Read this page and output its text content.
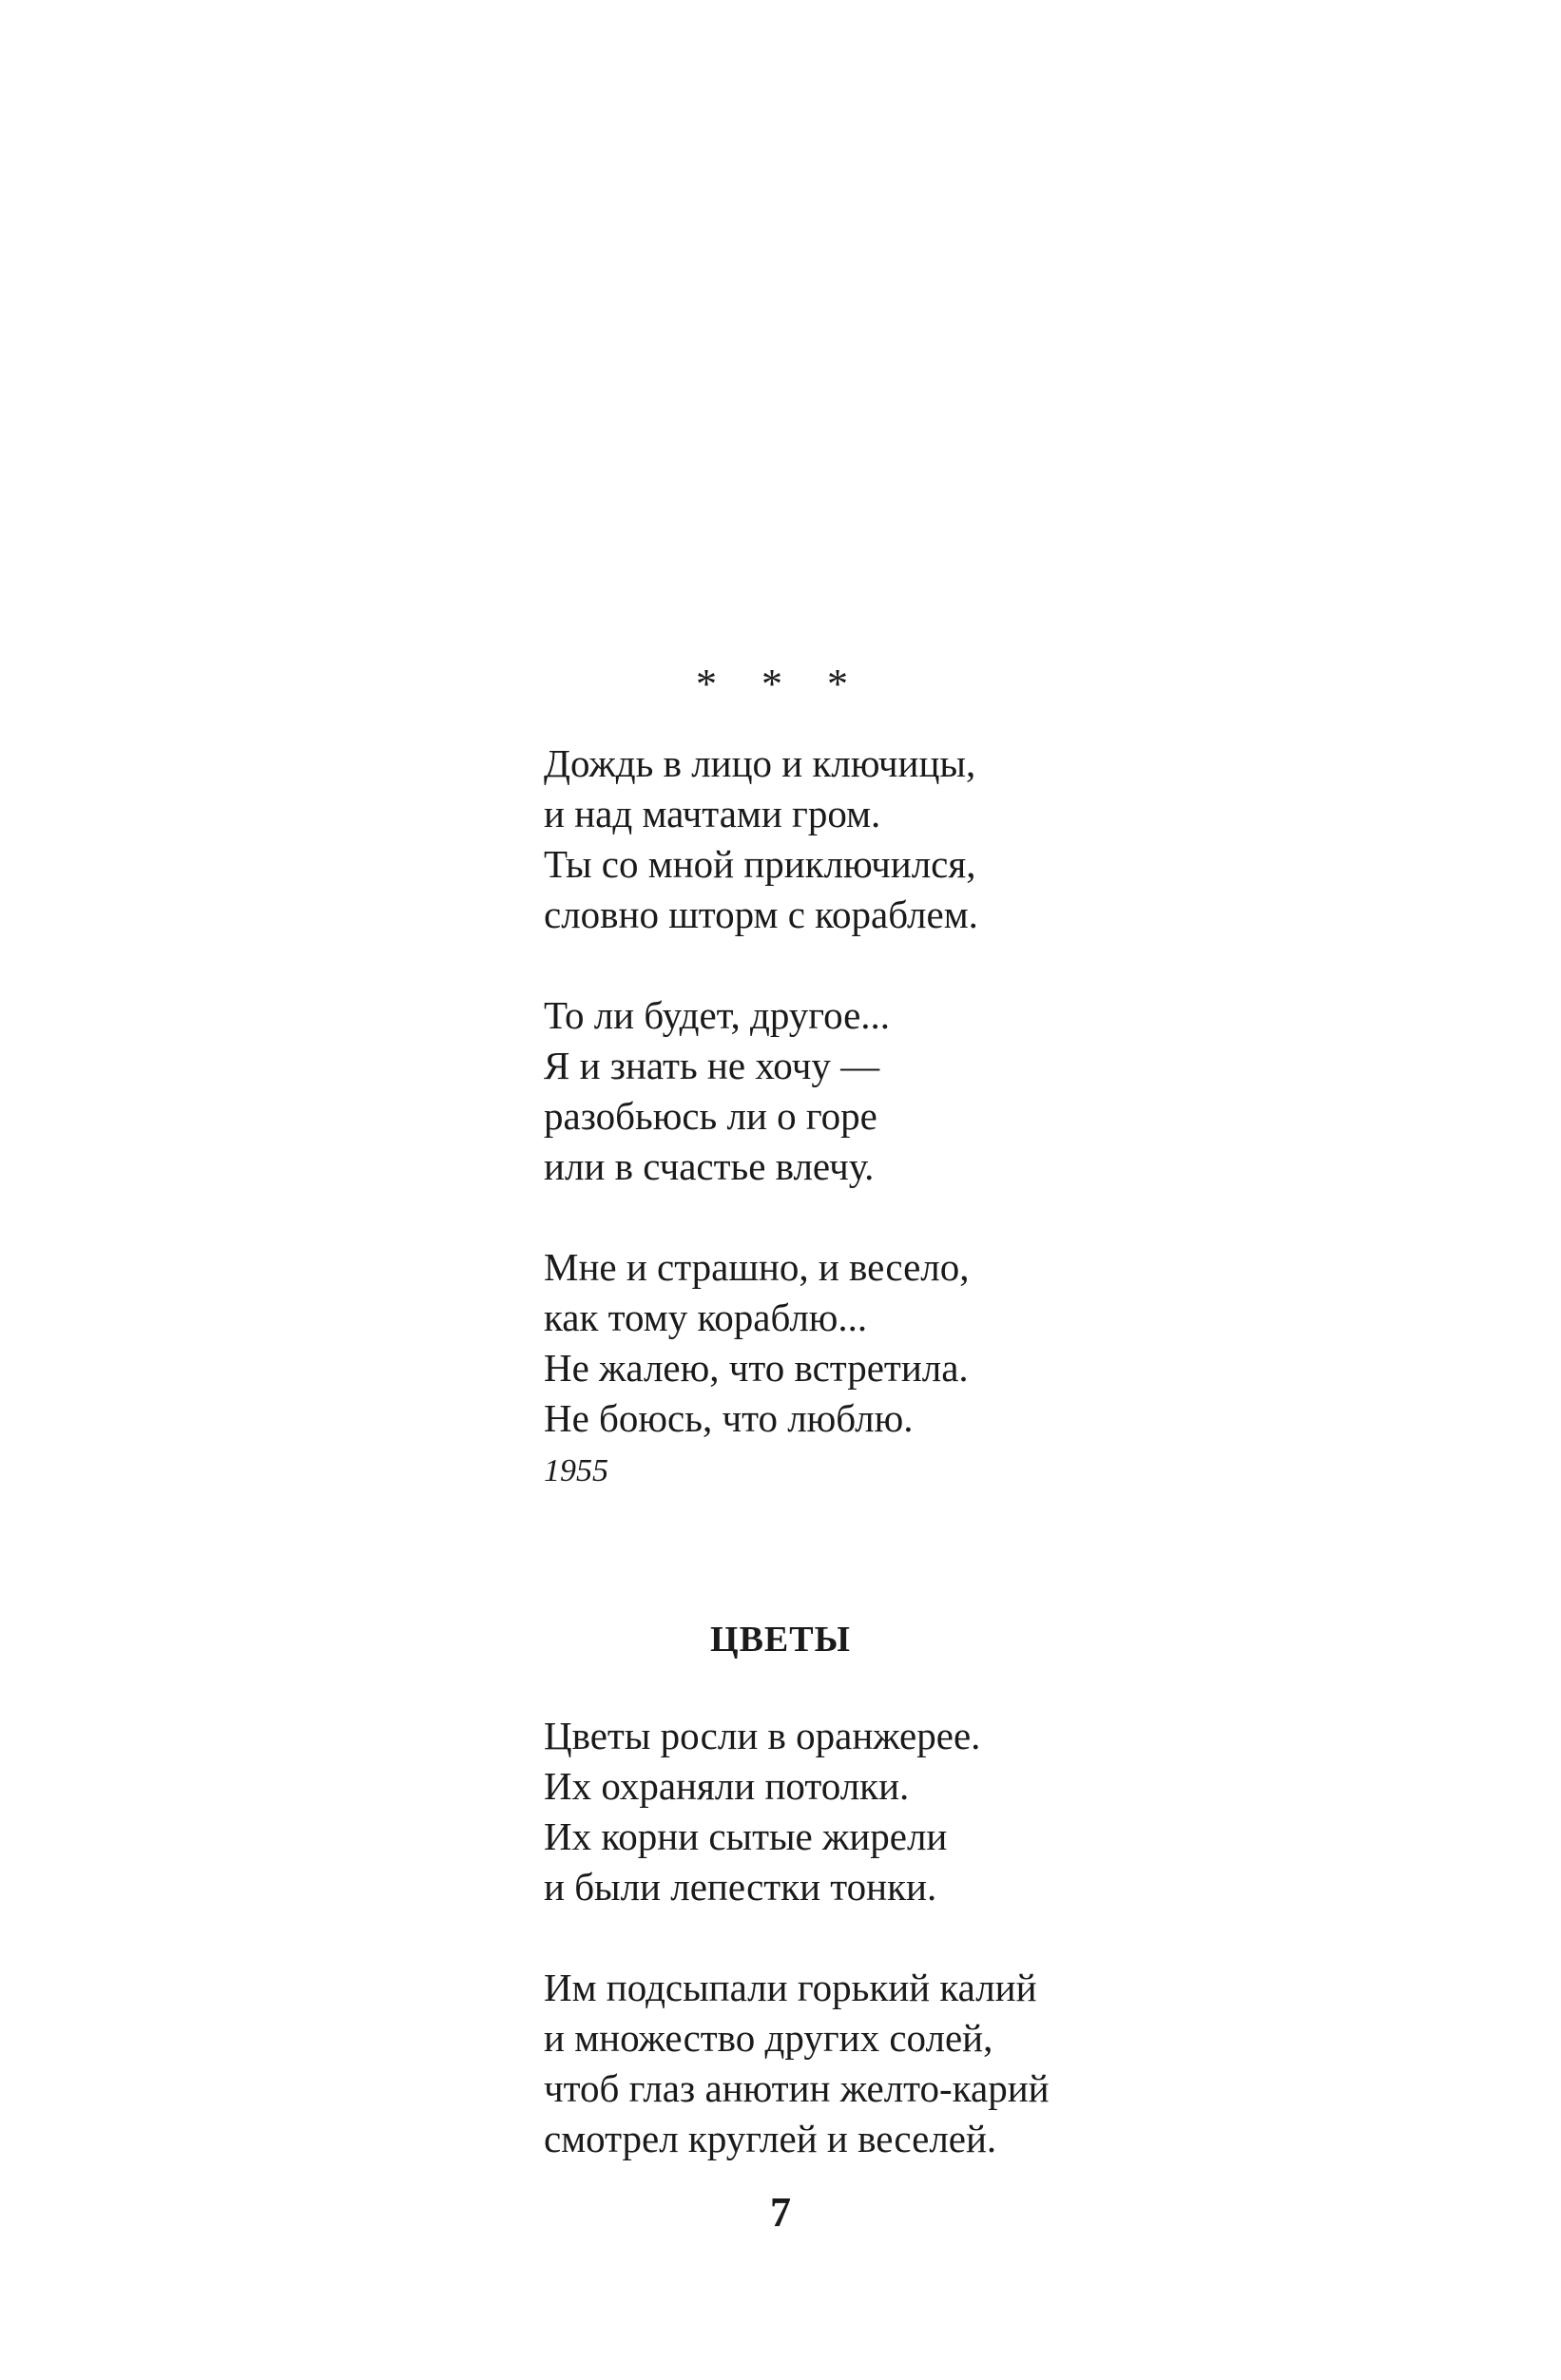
* * *

Дождь в лицо и ключицы,
и над мачтами гром.
Ты со мной приключился,
словно шторм с кораблем.

То ли будет, другое...
Я и знать не хочу —
разобьюсь ли о горе
или в счастье влечу.

Мне и страшно, и весело,
как тому кораблю...
Не жалею, что встретила.
Не боюсь, что люблю.

1955
ЦВЕТЫ

Цветы росли в оранжерее.
Их охраняли потолки.
Их корни сытые жирели
и были лепестки тонки.

Им подсыпали горький калий
и множество других солей,
чтоб глаз анютин желто-карий
смотрел круглей и веселей.

7
